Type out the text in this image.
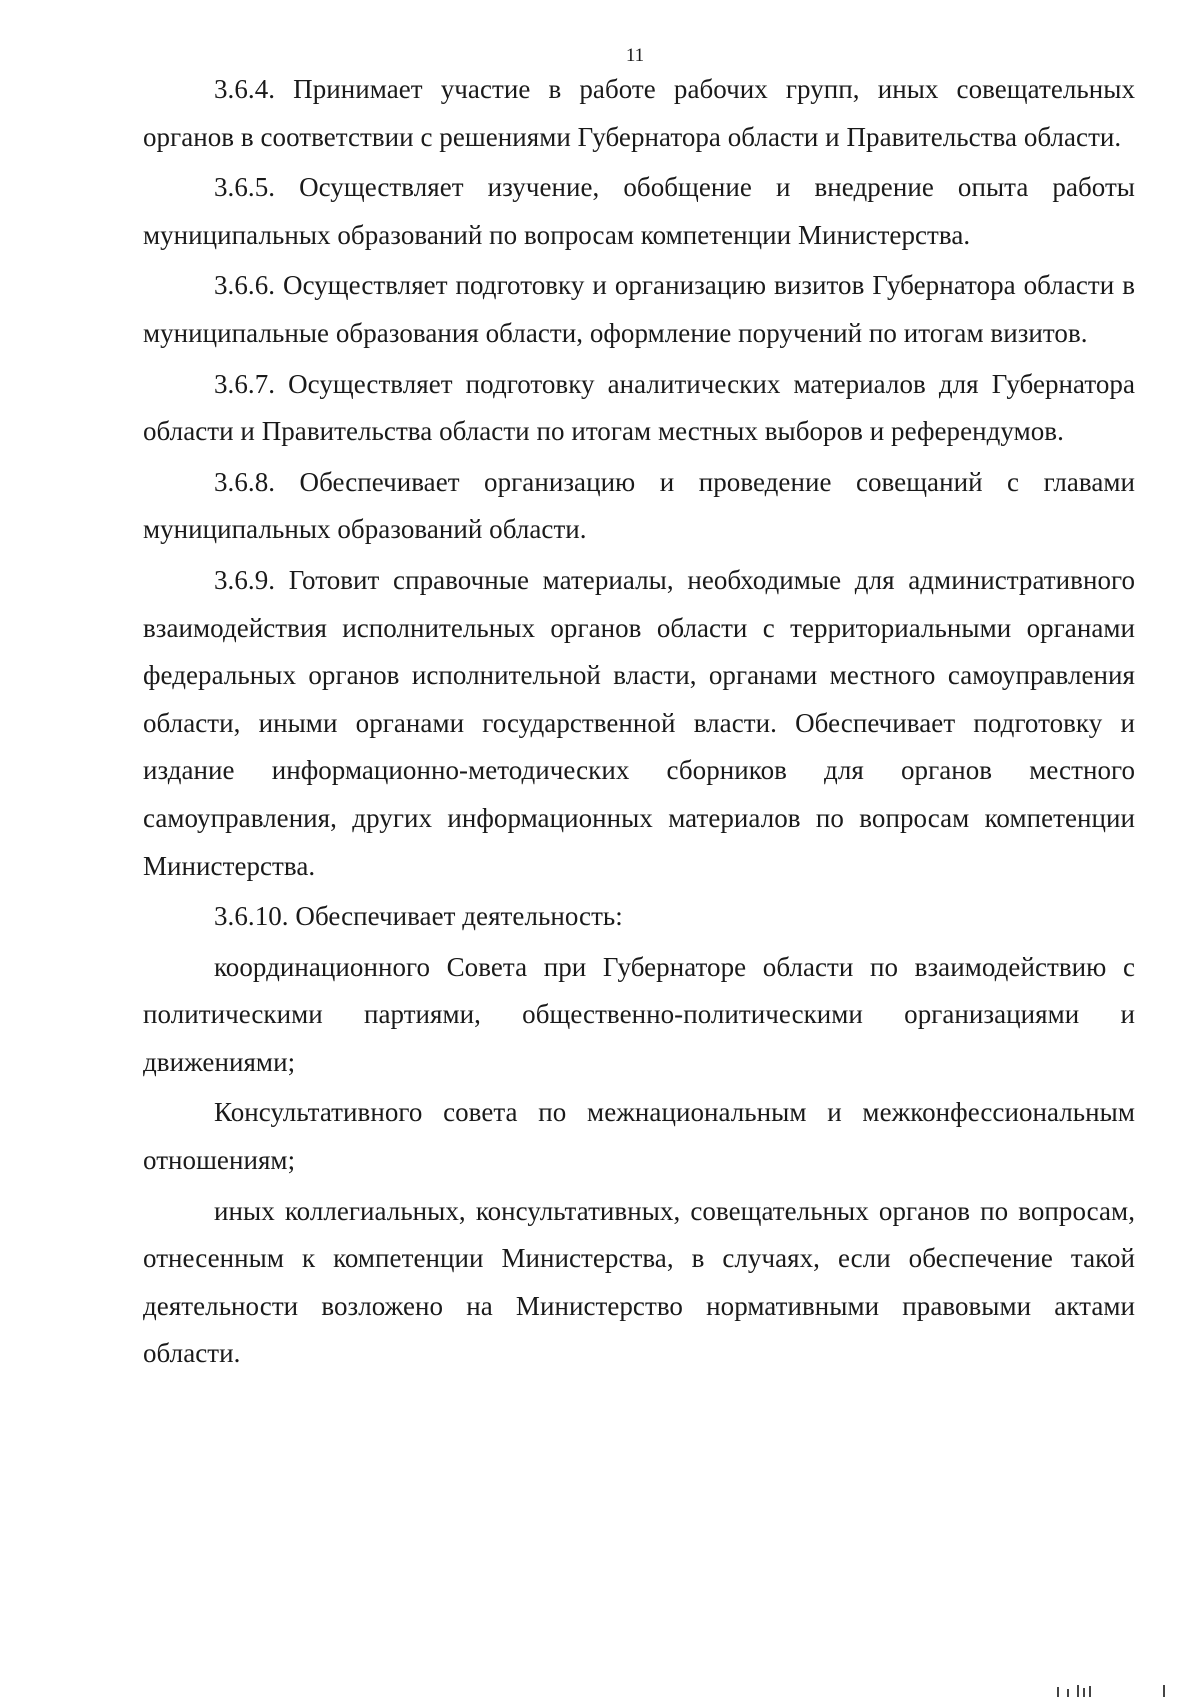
11

3.6.4. Принимает участие в работе рабочих групп, иных совещательных органов в соответствии с решениями Губернатора области и Правительства области.

3.6.5. Осуществляет изучение, обобщение и внедрение опыта работы муниципальных образований по вопросам компетенции Министерства.

3.6.6. Осуществляет подготовку и организацию визитов Губернатора области в муниципальные образования области, оформление поручений по итогам визитов.

3.6.7. Осуществляет подготовку аналитических материалов для Губернатора области и Правительства области по итогам местных выборов и референдумов.

3.6.8. Обеспечивает организацию и проведение совещаний с главами муниципальных образований области.

3.6.9. Готовит справочные материалы, необходимые для административного взаимодействия исполнительных органов области с территориальными органами федеральных органов исполнительной власти, органами местного самоуправления области, иными органами государственной власти. Обеспечивает подготовку и издание информационно-методических сборников для органов местного самоуправления, других информационных материалов по вопросам компетенции Министерства.

3.6.10. Обеспечивает деятельность:

координационного Совета при Губернаторе области по взаимодействию с политическими партиями, общественно-политическими организациями и движениями;

Консультативного совета по межнациональным и межконфессиональным отношениям;

иных коллегиальных, консультативных, совещательных органов по вопросам, отнесенным к компетенции Министерства, в случаях, если обеспечение такой деятельности возложено на Министерство нормативными правовыми актами области.
